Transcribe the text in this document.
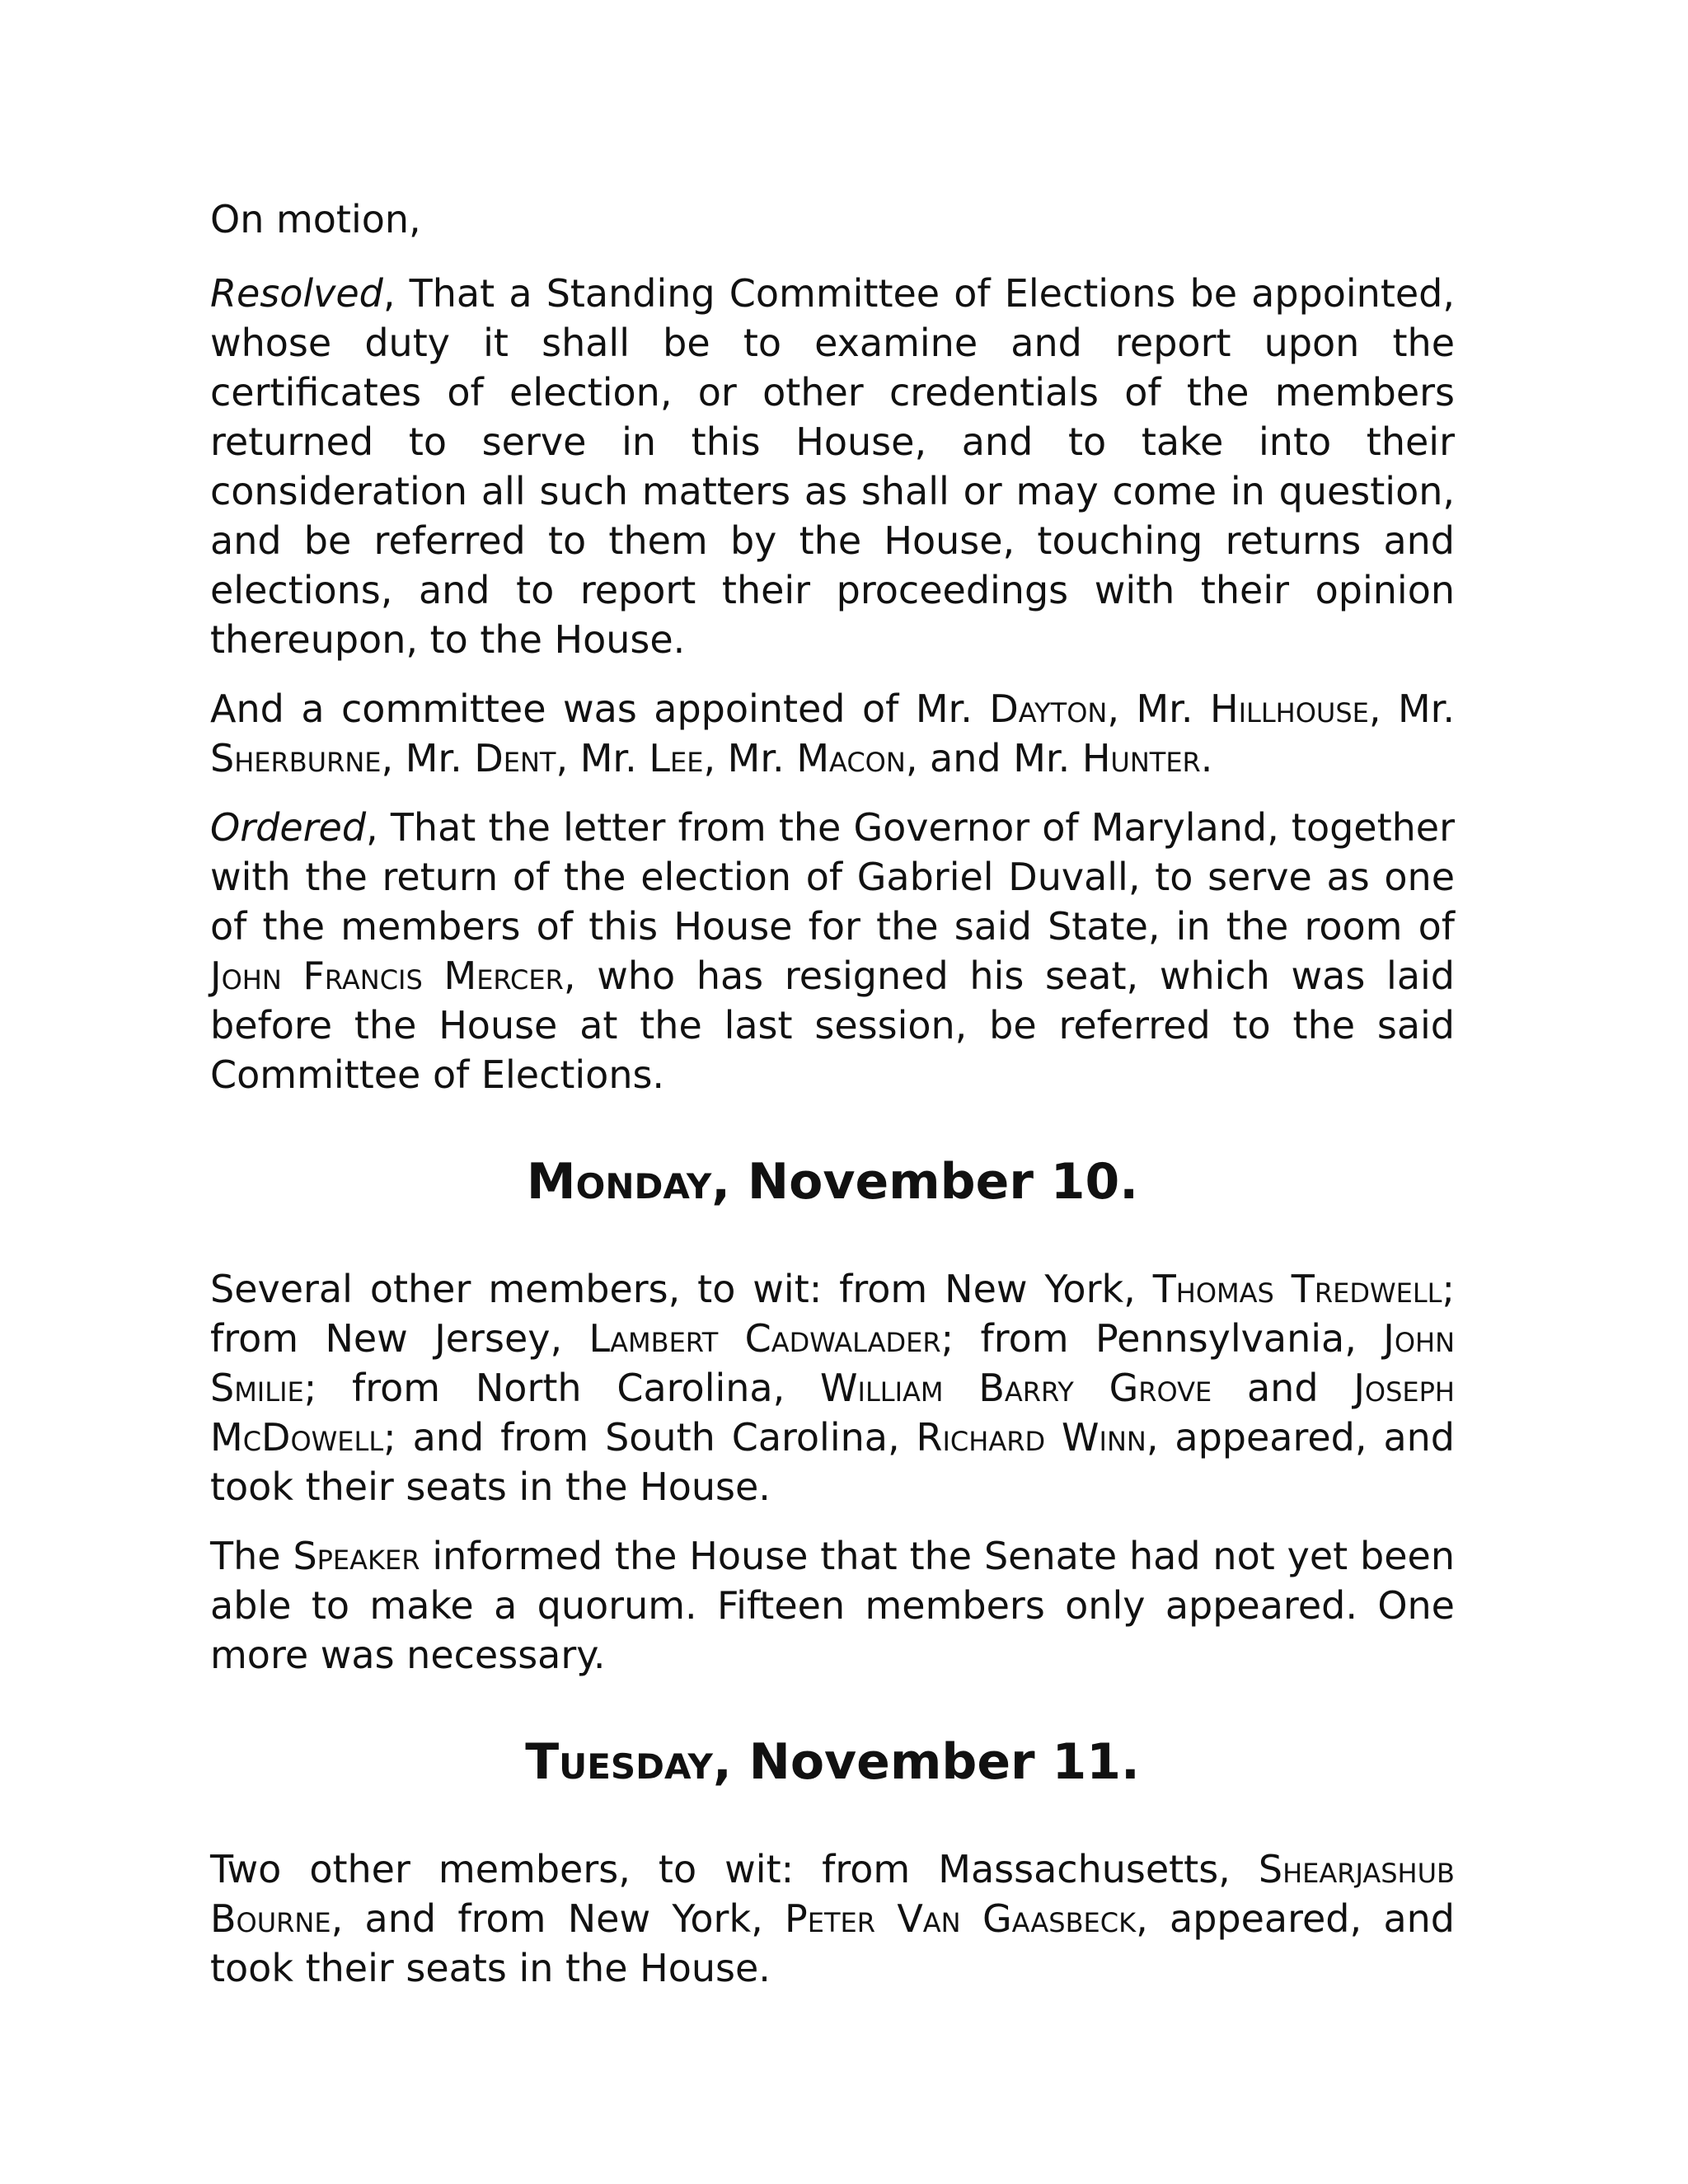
On motion,

Resolved, That a Standing Committee of Elections be appointed, whose duty it shall be to examine and report upon the certificates of election, or other credentials of the members returned to serve in this House, and to take into their consideration all such matters as shall or may come in question, and be referred to them by the House, touching returns and elections, and to report their proceedings with their opinion thereupon, to the House.

And a committee was appointed of Mr. Dayton, Mr. Hillhouse, Mr. Sherburne, Mr. Dent, Mr. Lee, Mr. Macon, and Mr. Hunter.

Ordered, That the letter from the Governor of Maryland, together with the return of the election of Gabriel Duvall, to serve as one of the members of this House for the said State, in the room of John Francis Mercer, who has resigned his seat, which was laid before the House at the last session, be referred to the said Committee of Elections.

Monday, November 10.

Several other members, to wit: from New York, Thomas Tredwell; from New Jersey, Lambert Cadwalader; from Pennsylvania, John Smilie; from North Carolina, William Barry Grove and Joseph McDowell; and from South Carolina, Richard Winn, appeared, and took their seats in the House.

The Speaker informed the House that the Senate had not yet been able to make a quorum. Fifteen members only appeared. One more was necessary.

Tuesday, November 11.

Two other members, to wit: from Massachusetts, Shearjashub Bourne, and from New York, Peter Van Gaasbeck, appeared, and took their seats in the House.
